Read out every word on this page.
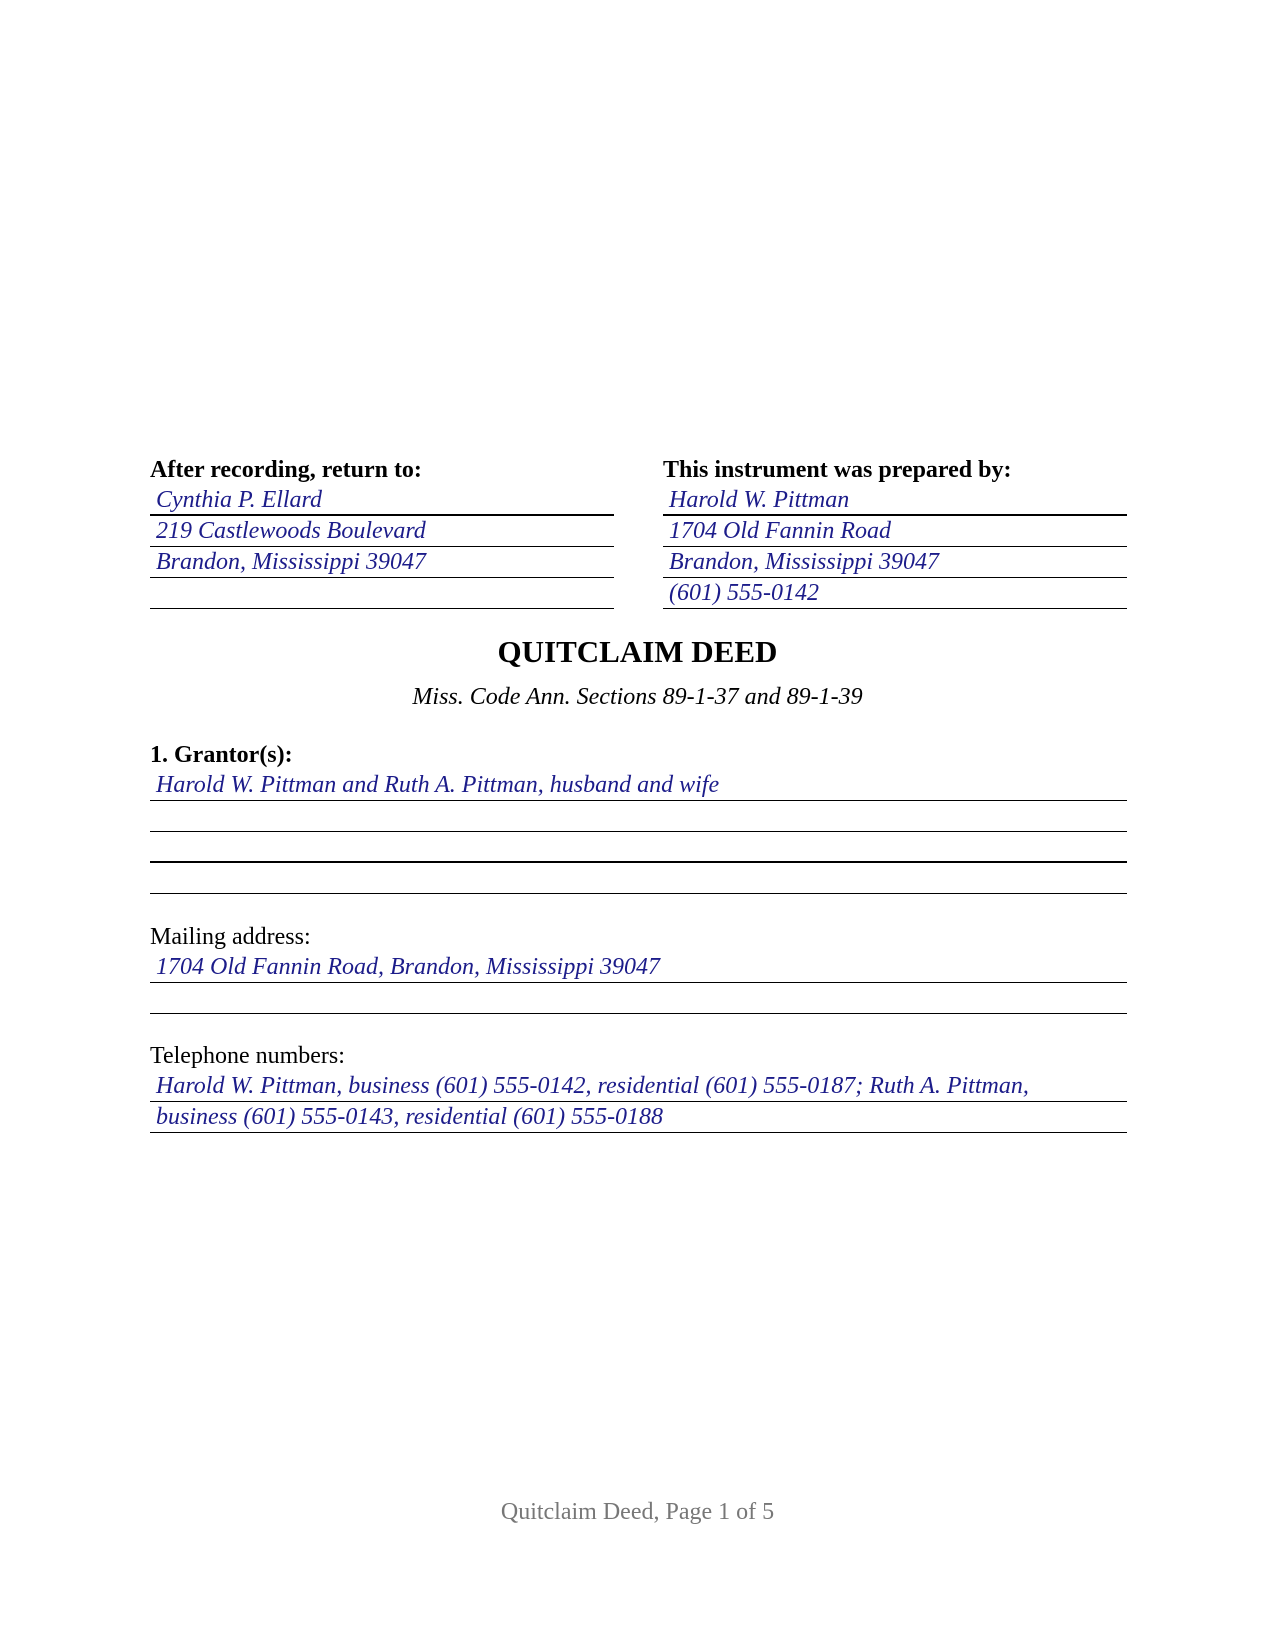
After recording, return to:
Cynthia P. Ellard
219 Castlewoods Boulevard
Brandon, Mississippi 39047
This instrument was prepared by:
Harold W. Pittman
1704 Old Fannin Road
Brandon, Mississippi 39047
(601) 555-0142
QUITCLAIM DEED
Miss. Code Ann. Sections 89-1-37 and 89-1-39
1. Grantor(s):
Harold W. Pittman and Ruth A. Pittman, husband and wife
Mailing address:
1704 Old Fannin Road, Brandon, Mississippi 39047
Telephone numbers:
Harold W. Pittman, business (601) 555-0142, residential (601) 555-0187; Ruth A. Pittman,
business (601) 555-0143, residential (601) 555-0188
Quitclaim Deed, Page 1 of 5
